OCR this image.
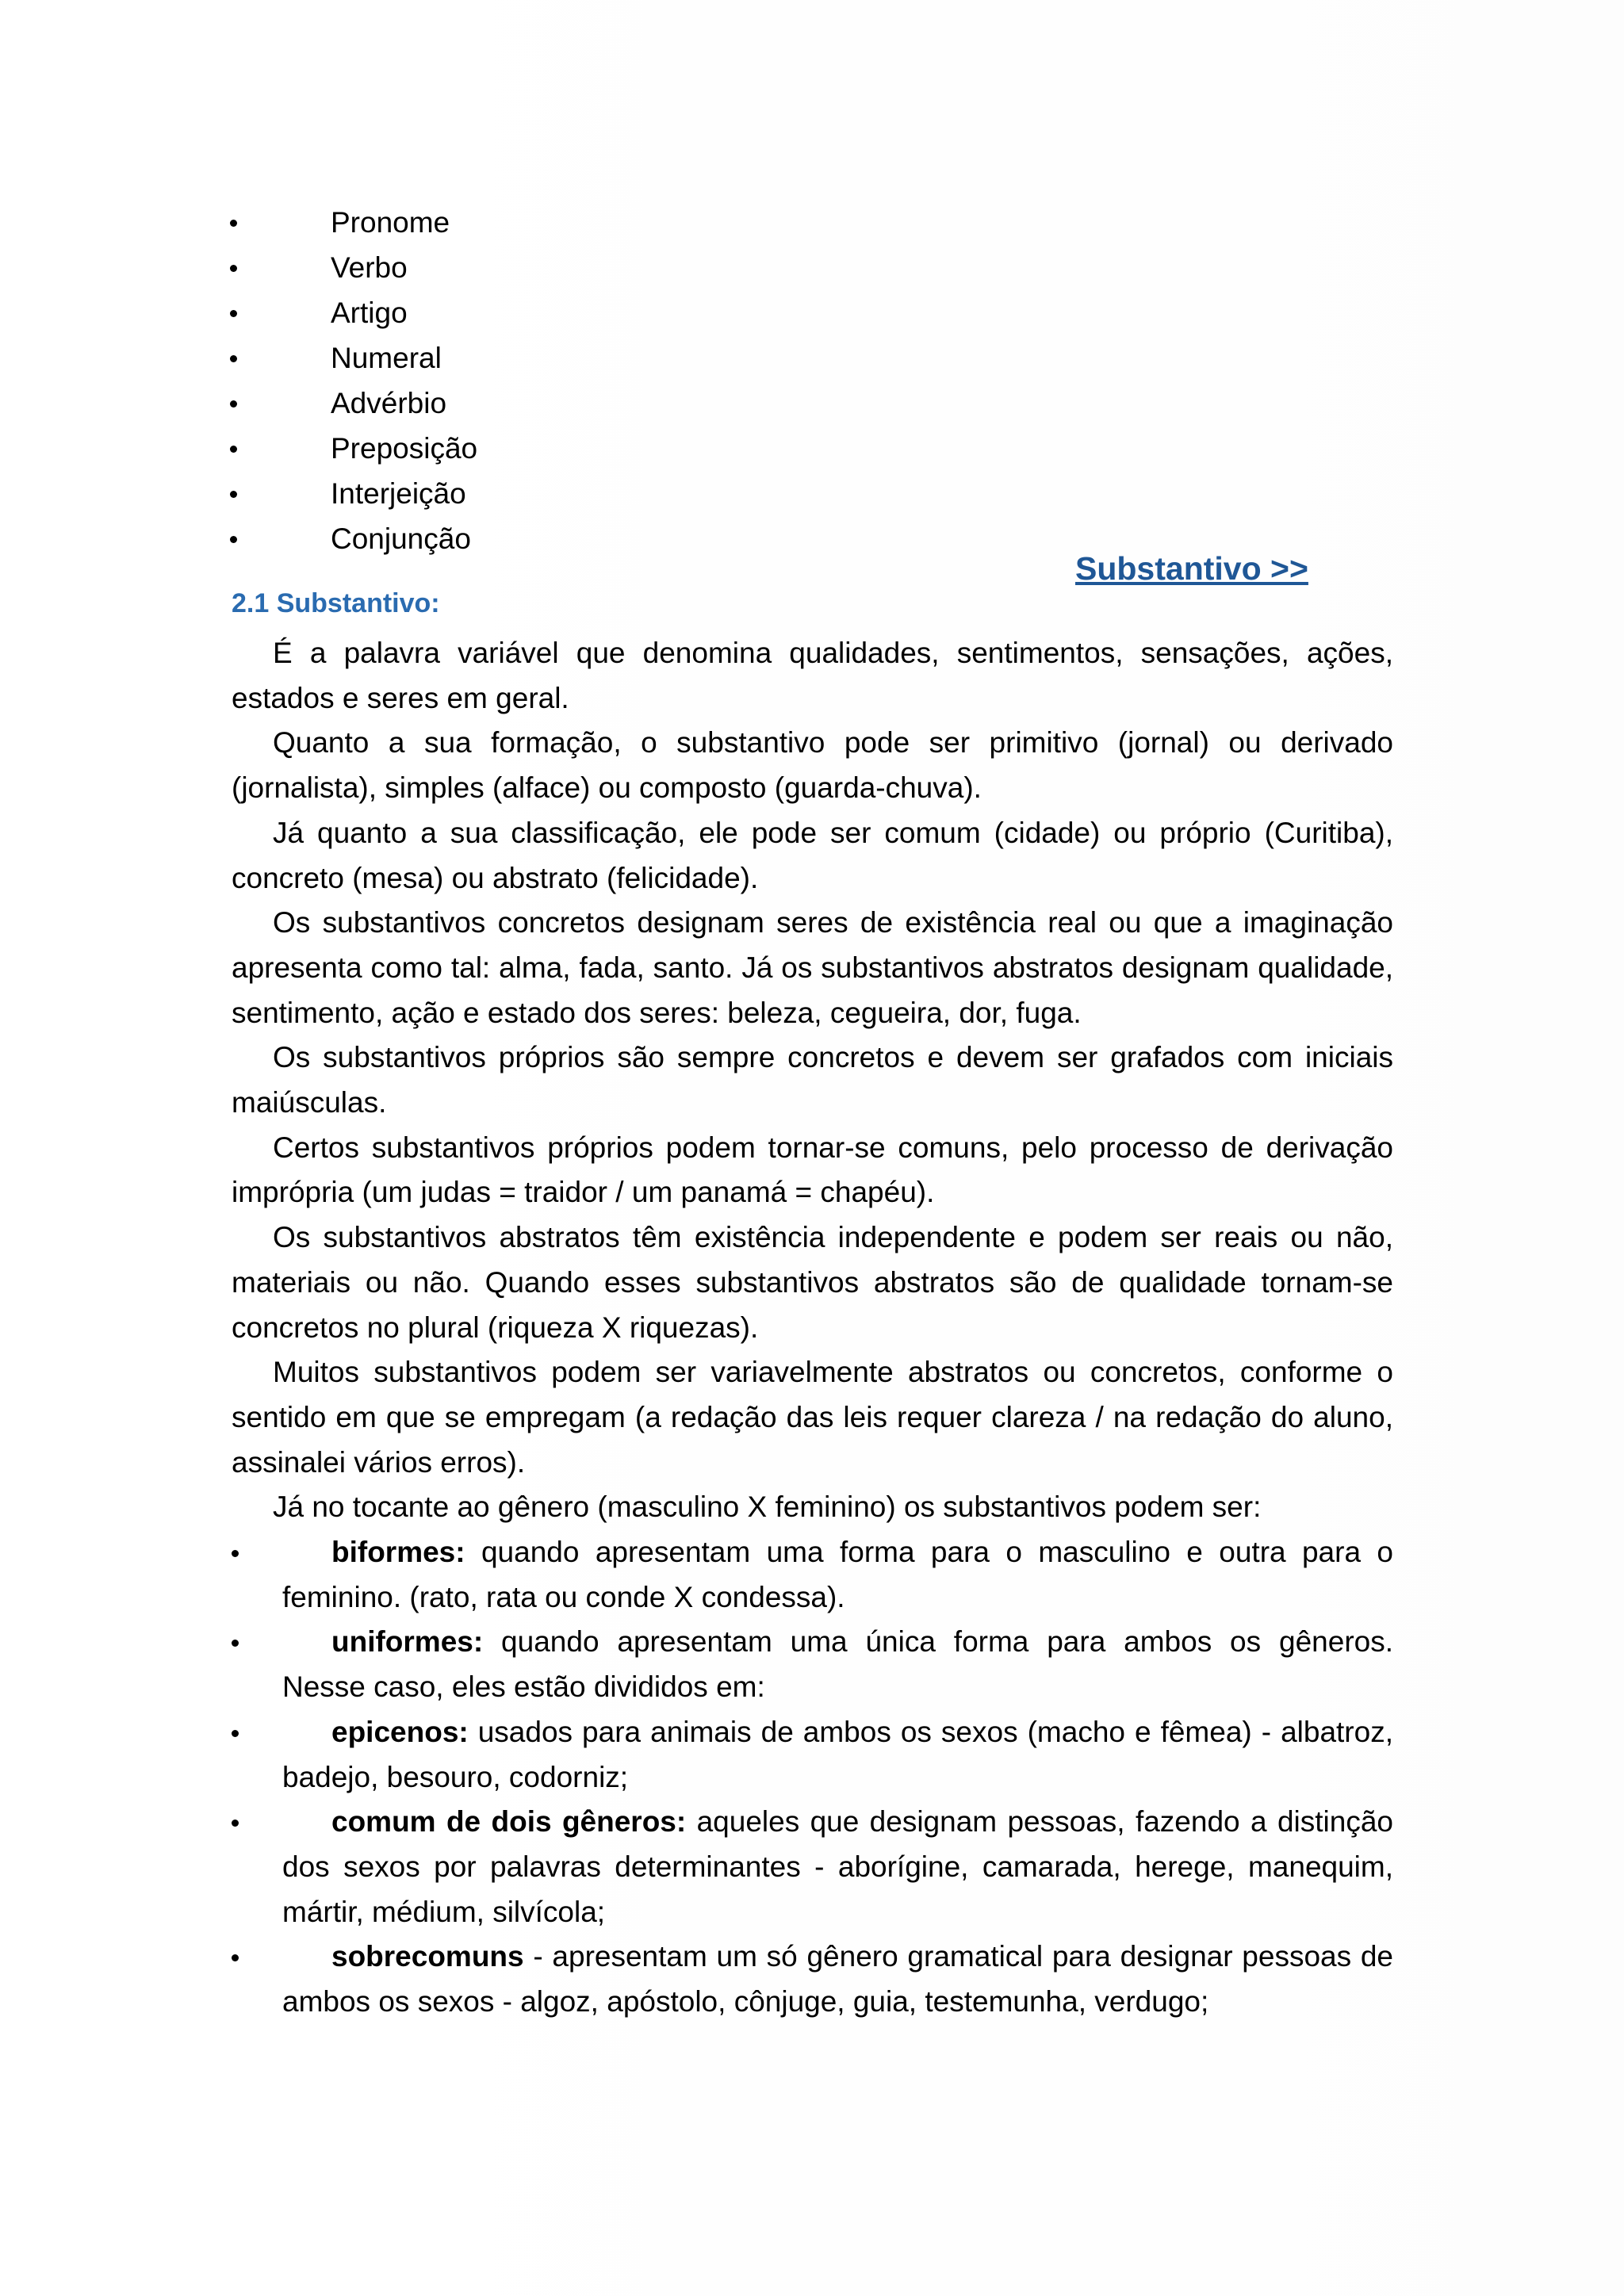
Pronome
Verbo
Artigo
Numeral
Advérbio
Preposição
Interjeição
Conjunção
Substantivo >>
2.1 Substantivo:

É a palavra variável que denomina qualidades, sentimentos, sensações, ações, estados e seres em geral.

Quanto a sua formação, o substantivo pode ser primitivo (jornal) ou derivado (jornalista), simples (alface) ou composto (guarda-chuva).

Já quanto a sua classificação, ele pode ser comum (cidade) ou próprio (Curitiba), concreto (mesa) ou abstrato (felicidade).

Os substantivos concretos designam seres de existência real ou que a imaginação apresenta como tal: alma, fada, santo. Já os substantivos abstratos designam qualidade, sentimento, ação e estado dos seres: beleza, cegueira, dor, fuga.

Os substantivos próprios são sempre concretos e devem ser grafados com iniciais maiúsculas.

Certos substantivos próprios podem tornar-se comuns, pelo processo de derivação imprópria (um judas = traidor / um panamá = chapéu).

Os substantivos abstratos têm existência independente e podem ser reais ou não, materiais ou não. Quando esses substantivos abstratos são de qualidade tornam-se concretos no plural (riqueza X riquezas).

Muitos substantivos podem ser variavelmente abstratos ou concretos, conforme o sentido em que se empregam (a redação das leis requer clareza / na redação do aluno, assinalei vários erros).

Já no tocante ao gênero (masculino X feminino) os substantivos podem ser:

biformes: quando apresentam uma forma para o masculino e outra para o feminino. (rato, rata ou conde X condessa).
uniformes: quando apresentam uma única forma para ambos os gêneros. Nesse caso, eles estão divididos em:
epicenos: usados para animais de ambos os sexos (macho e fêmea) - albatroz, badejo, besouro, codorniz;
comum de dois gêneros: aqueles que designam pessoas, fazendo a distinção dos sexos por palavras determinantes - aborígine, camarada, herege, manequim, mártir, médium, silvícola;
sobrecomuns - apresentam um só gênero gramatical para designar pessoas de ambos os sexos - algoz, apóstolo, cônjuge, guia, testemunha, verdugo;
